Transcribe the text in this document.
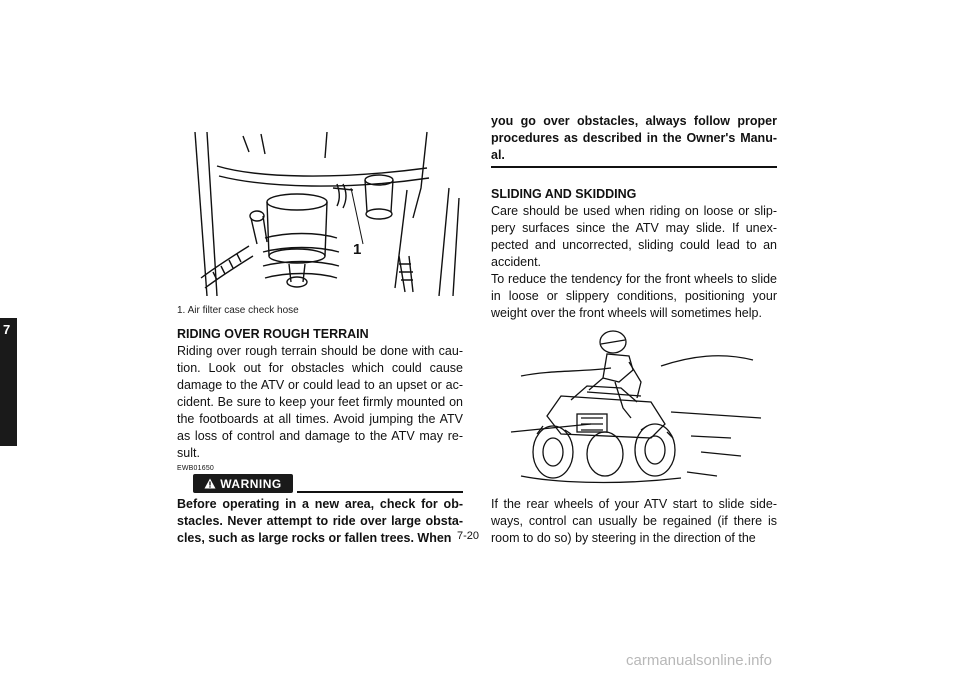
7
1

1. Air filter case check hose

RIDING OVER ROUGH TERRAIN

Riding over rough terrain should be done with cau-tion. Look out for obstacles which could cause damage to the ATV or could lead to an upset or ac-cident. Be sure to keep your feet firmly mounted on the footboards at all times. Avoid jumping the ATV as loss of control and damage to the ATV may re-sult.

EWB01650

WARNING

Before operating in a new area, check for ob-stacles. Never attempt to ride over large obsta-cles, such as large rocks or fallen trees. When

you go over obstacles, always follow proper procedures as described in the Owner's Manu-al.

SLIDING AND SKIDDING

Care should be used when riding on loose or slip-pery surfaces since the ATV may slide. If unex-pected and uncorrected, sliding could lead to an accident.

To reduce the tendency for the front wheels to slide in loose or slippery conditions, positioning your weight over the front wheels will sometimes help.

If the rear wheels of your ATV start to slide side-ways, control can usually be regained (if there is room to do so) by steering in the direction of the

7-20
carmanualsonline.info
